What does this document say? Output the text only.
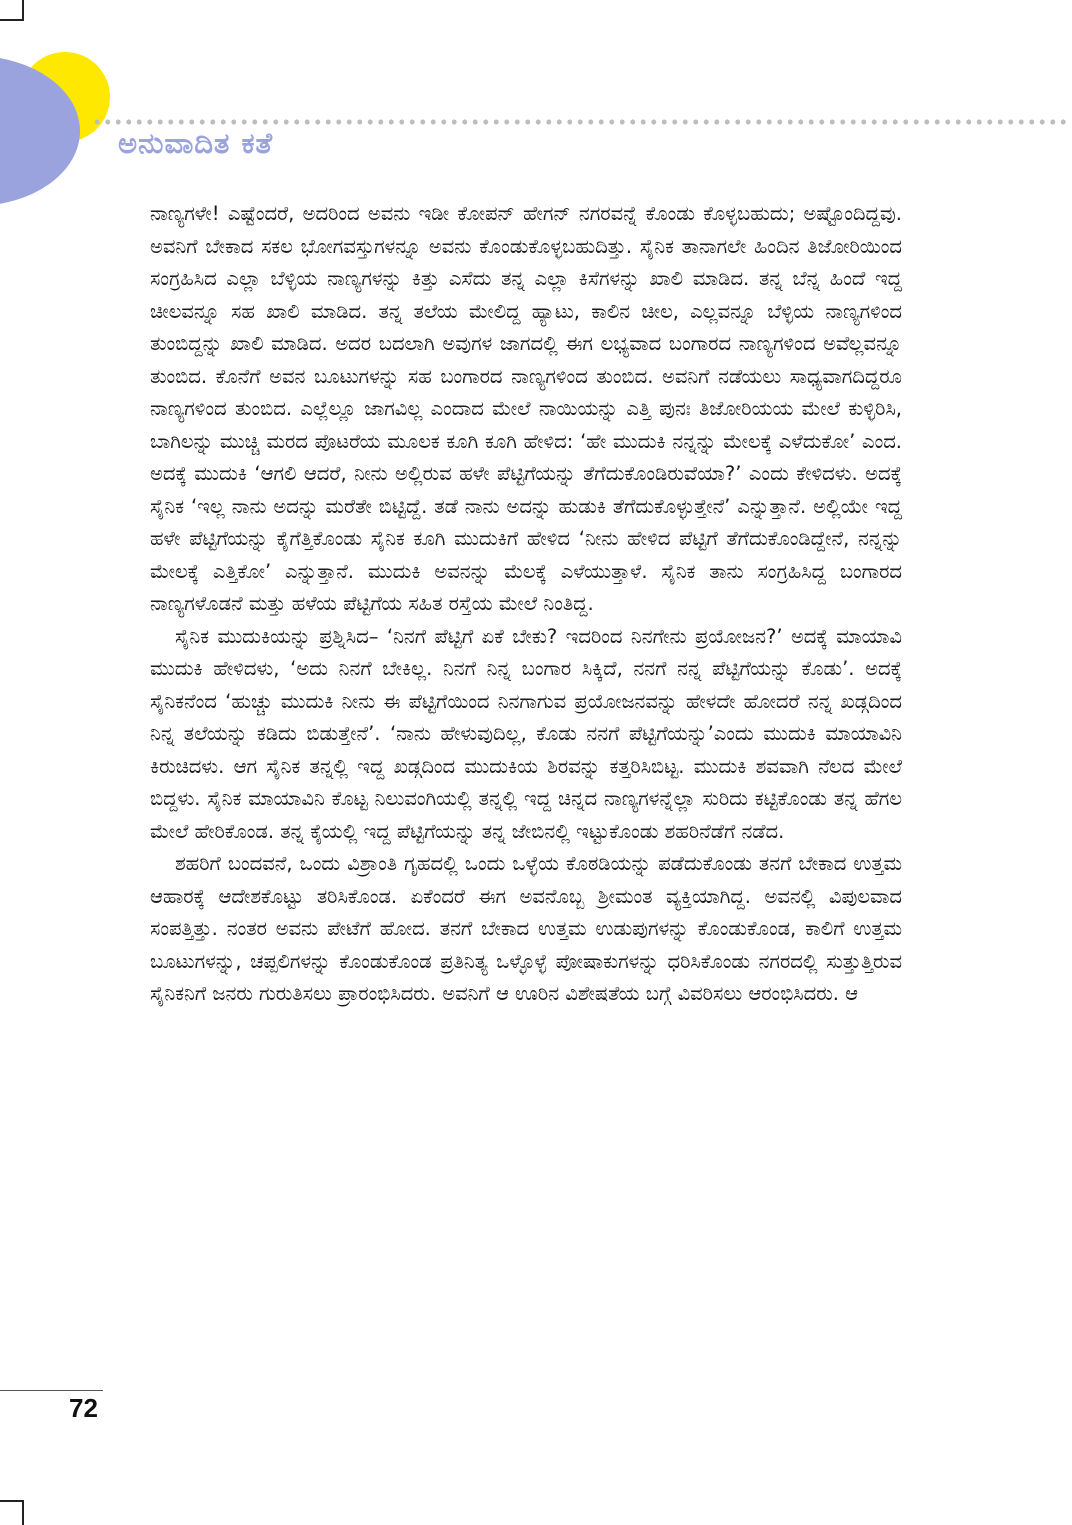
ಅನುವಾದಿತ ಕತೆ

ನಾಣ್ಯಗಳೇ! ಎಷ್ಟೆಂದರೆ, ಅದರಿಂದ ಅವನು ಇಡೀ ಕೋಪನ್ ಹೇಗನ್ ನಗರವನ್ನೆ ಕೊಂಡು ಕೊಳ್ಳಬಹುದು; ಅಷ್ಟೊಂದಿದ್ದವು. ಅವನಿಗೆ ಬೇಕಾದ ಸಕಲ ಭೋಗವಸ್ತುಗಳನ್ನೂ ಅವನು ಕೊಂಡುಕೊಳ್ಳಬಹುದಿತ್ತು. ಸೈನಿಕ ತಾನಾಗಲೇ ಹಿಂದಿನ ತಿಜೋರಿಯಿಂದ ಸಂಗ್ರಹಿಸಿದ ಎಲ್ಲಾ ಬೆಳ್ಳಿಯ ನಾಣ್ಯಗಳನ್ನು ಕಿತ್ತು ಎಸೆದು ತನ್ನ ಎಲ್ಲಾ ಕಿಸೆಗಳನ್ನು ಖಾಲಿ ಮಾಡಿದ. ತನ್ನ ಬೆನ್ನ ಹಿಂದೆ ಇದ್ದ ಚೀಲವನ್ನೂ ಸಹ ಖಾಲಿ ಮಾಡಿದ. ತನ್ನ ತಲೆಯ ಮೇಲಿದ್ದ ಹ್ಯಾಟು, ಕಾಲಿನ ಚೀಲ, ಎಲ್ಲವನ್ನೂ ಬೆಳ್ಳಿಯ ನಾಣ್ಯಗಳಿಂದ ತುಂಬಿದ್ದನ್ನು ಖಾಲಿ ಮಾಡಿದ. ಅದರ ಬದಲಾಗಿ ಅವುಗಳ ಜಾಗದಲ್ಲಿ ಈಗ ಲಭ್ಯವಾದ ಬಂಗಾರದ ನಾಣ್ಯಗಳಿಂದ ಅವೆಲ್ಲವನ್ನೂ ತುಂಬಿದ. ಕೊನೆಗೆ ಅವನ ಬೂಟುಗಳನ್ನು ಸಹ ಬಂಗಾರದ ನಾಣ್ಯಗಳಿಂದ ತುಂಬಿದ. ಅವನಿಗೆ ನಡೆಯಲು ಸಾಧ್ಯವಾಗದಿದ್ದರೂ ನಾಣ್ಯಗಳಿಂದ ತುಂಬಿದ. ಎಲ್ಲೆಲ್ಲೂ ಜಾಗವಿಲ್ಲ ಎಂದಾದ ಮೇಲೆ ನಾಯಿಯನ್ನು ಎತ್ತಿ ಪುನಃ ತಿಜೋರಿಯಯ ಮೇಲೆ ಕುಳ್ಳಿರಿಸಿ, ಬಾಗಿಲನ್ನು ಮುಚ್ಚಿ ಮರದ ಪೊಟರೆಯ ಮೂಲಕ ಕೂಗಿ ಕೂಗಿ ಹೇಳಿದ: ‘ಹೇ ಮುದುಕಿ ನನ್ನನ್ನು ಮೇಲಕ್ಕೆ ಎಳೆದುಕೋ’ ಎಂದ. ಅದಕ್ಕೆ ಮುದುಕಿ ‘ಆಗಲಿ ಆದರೆ, ನೀನು ಅಲ್ಲಿರುವ ಹಳೇ ಪೆಟ್ಟಿಗೆಯನ್ನು ತೆಗೆದುಕೊಂಡಿರುವೆಯಾ?’ ಎಂದು ಕೇಳಿದಳು. ಅದಕ್ಕೆ ಸೈನಿಕ ‘ಇಲ್ಲ ನಾನು ಅದನ್ನು ಮರೆತೇ ಬಿಟ್ಟಿದ್ದೆ. ತಡೆ ನಾನು ಅದನ್ನು ಹುಡುಕಿ ತೆಗೆದುಕೊಳ್ಳುತ್ತೇನೆ’ ಎನ್ನುತ್ತಾನೆ. ಅಲ್ಲಿಯೇ ಇದ್ದ ಹಳೇ ಪೆಟ್ಟಿಗೆಯನ್ನು ಕೈಗೆತ್ತಿಕೊಂಡು ಸೈನಿಕ ಕೂಗಿ ಮುದುಕಿಗೆ ಹೇಳಿದ ‘ನೀನು ಹೇಳಿದ ಪೆಟ್ಟಿಗೆ ತೆಗೆದುಕೊಂಡಿದ್ದೇನೆ, ನನ್ನನ್ನು ಮೇಲಕ್ಕೆ ಎತ್ತಿಕೋ’ ಎನ್ನುತ್ತಾನೆ. ಮುದುಕಿ ಅವನನ್ನು ಮೆಲಕ್ಕೆ ಎಳೆಯುತ್ತಾಳೆ. ಸೈನಿಕ ತಾನು ಸಂಗ್ರಹಿಸಿದ್ದ ಬಂಗಾರದ ನಾಣ್ಯಗಳೊಡನೆ ಮತ್ತು ಹಳೆಯ ಪೆಟ್ಟಿಗೆಯ ಸಹಿತ ರಸ್ತೆಯ ಮೇಲೆ ನಿಂತಿದ್ದ.

ಸೈನಿಕ ಮುದುಕಿಯನ್ನು ಪ್ರಶ್ನಿಸಿದ– ‘ನಿನಗೆ ಪೆಟ್ಟಿಗೆ ಏಕೆ ಬೇಕು? ಇದರಿಂದ ನಿನಗೇನು ಪ್ರಯೋಜನ?’ ಅದಕ್ಕೆ ಮಾಯಾವಿ ಮುದುಕಿ ಹೇಳಿದಳು, ‘ಅದು ನಿನಗೆ ಬೇಕಿಲ್ಲ. ನಿನಗೆ ನಿನ್ನ ಬಂಗಾರ ಸಿಕ್ಕಿದೆ, ನನಗೆ ನನ್ನ ಪೆಟ್ಟಿಗೆಯನ್ನು ಕೊಡು’. ಅದಕ್ಕೆ ಸೈನಿಕನೆಂದ ‘ಹುಚ್ಚು ಮುದುಕಿ ನೀನು ಈ ಪೆಟ್ಟಿಗೆಯಿಂದ ನಿನಗಾಗುವ ಪ್ರಯೋಜನವನ್ನು ಹೇಳದೇ ಹೋದರೆ ನನ್ನ ಖಡ್ಗದಿಂದ ನಿನ್ನ ತಲೆಯನ್ನು ಕಡಿದು ಬಿಡುತ್ತೇನೆ’. ‘ನಾನು ಹೇಳುವುದಿಲ್ಲ, ಕೊಡು ನನಗೆ ಪೆಟ್ಟಿಗೆಯನ್ನು’ಎಂದು ಮುದುಕಿ ಮಾಯಾವಿನಿ ಕಿರುಚಿದಳು. ಆಗ ಸೈನಿಕ ತನ್ನಲ್ಲಿ ಇದ್ದ ಖಡ್ಗದಿಂದ ಮುದುಕಿಯ ಶಿರವನ್ನು ಕತ್ತರಿಸಿಬಿಟ್ಟ. ಮುದುಕಿ ಶವವಾಗಿ ನೆಲದ ಮೇಲೆ ಬಿದ್ದಳು. ಸೈನಿಕ ಮಾಯಾವಿನಿ ಕೊಟ್ಟ ನಿಲುವಂಗಿಯಲ್ಲಿ ತನ್ನಲ್ಲಿ ಇದ್ದ ಚಿನ್ನದ ನಾಣ್ಯಗಳನ್ನೆಲ್ಲಾ ಸುರಿದು ಕಟ್ಟಿಕೊಂಡು ತನ್ನ ಹೆಗಲ ಮೇಲೆ ಹೇರಿಕೊಂಡ. ತನ್ನ ಕೈಯಲ್ಲಿ ಇದ್ದ ಪೆಟ್ಟಿಗೆಯನ್ನು ತನ್ನ ಜೇಬಿನಲ್ಲಿ ಇಟ್ಟುಕೊಂಡು ಶಹರಿನೆಡೆಗೆ ನಡೆದ.

ಶಹರಿಗೆ ಬಂದವನೆ, ಒಂದು ವಿಶ್ರಾಂತಿ ಗೃಹದಲ್ಲಿ ಒಂದು ಒಳ್ಳೆಯ ಕೊಠಡಿಯನ್ನು ಪಡೆದುಕೊಂಡು ತನಗೆ ಬೇಕಾದ ಉತ್ತಮ ಆಹಾರಕ್ಕೆ ಆದೇಶಕೊಟ್ಟು ತರಿಸಿಕೊಂಡ. ಏಕೆಂದರೆ ಈಗ ಅವನೊಬ್ಬ ಶ್ರೀಮಂತ ವ್ಯಕ್ತಿಯಾಗಿದ್ದ. ಅವನಲ್ಲಿ ವಿಪುಲವಾದ ಸಂಪತ್ತಿತ್ತು. ನಂತರ ಅವನು ಪೇಟೆಗೆ ಹೋದ. ತನಗೆ ಬೇಕಾದ ಉತ್ತಮ ಉಡುಪುಗಳನ್ನು ಕೊಂಡುಕೊಂಡ, ಕಾಲಿಗೆ ಉತ್ತಮ ಬೂಟುಗಳನ್ನು, ಚಪ್ಪಲಿಗಳನ್ನು ಕೊಂಡುಕೊಂಡ ಪ್ರತಿನಿತ್ಯ ಒಳ್ಳೊಳ್ಳೆ ಪೋಷಾಕುಗಳನ್ನು ಧರಿಸಿಕೊಂಡು ನಗರದಲ್ಲಿ ಸುತ್ತುತ್ತಿರುವ ಸೈನಿಕನಿಗೆ ಜನರು ಗುರುತಿಸಲು ಪ್ರಾರಂಭಿಸಿದರು. ಅವನಿಗೆ ಆ ಊರಿನ ವಿಶೇಷತೆಯ ಬಗ್ಗೆ ವಿವರಿಸಲು ಆರಂಭಿಸಿದರು. ಆ

72
